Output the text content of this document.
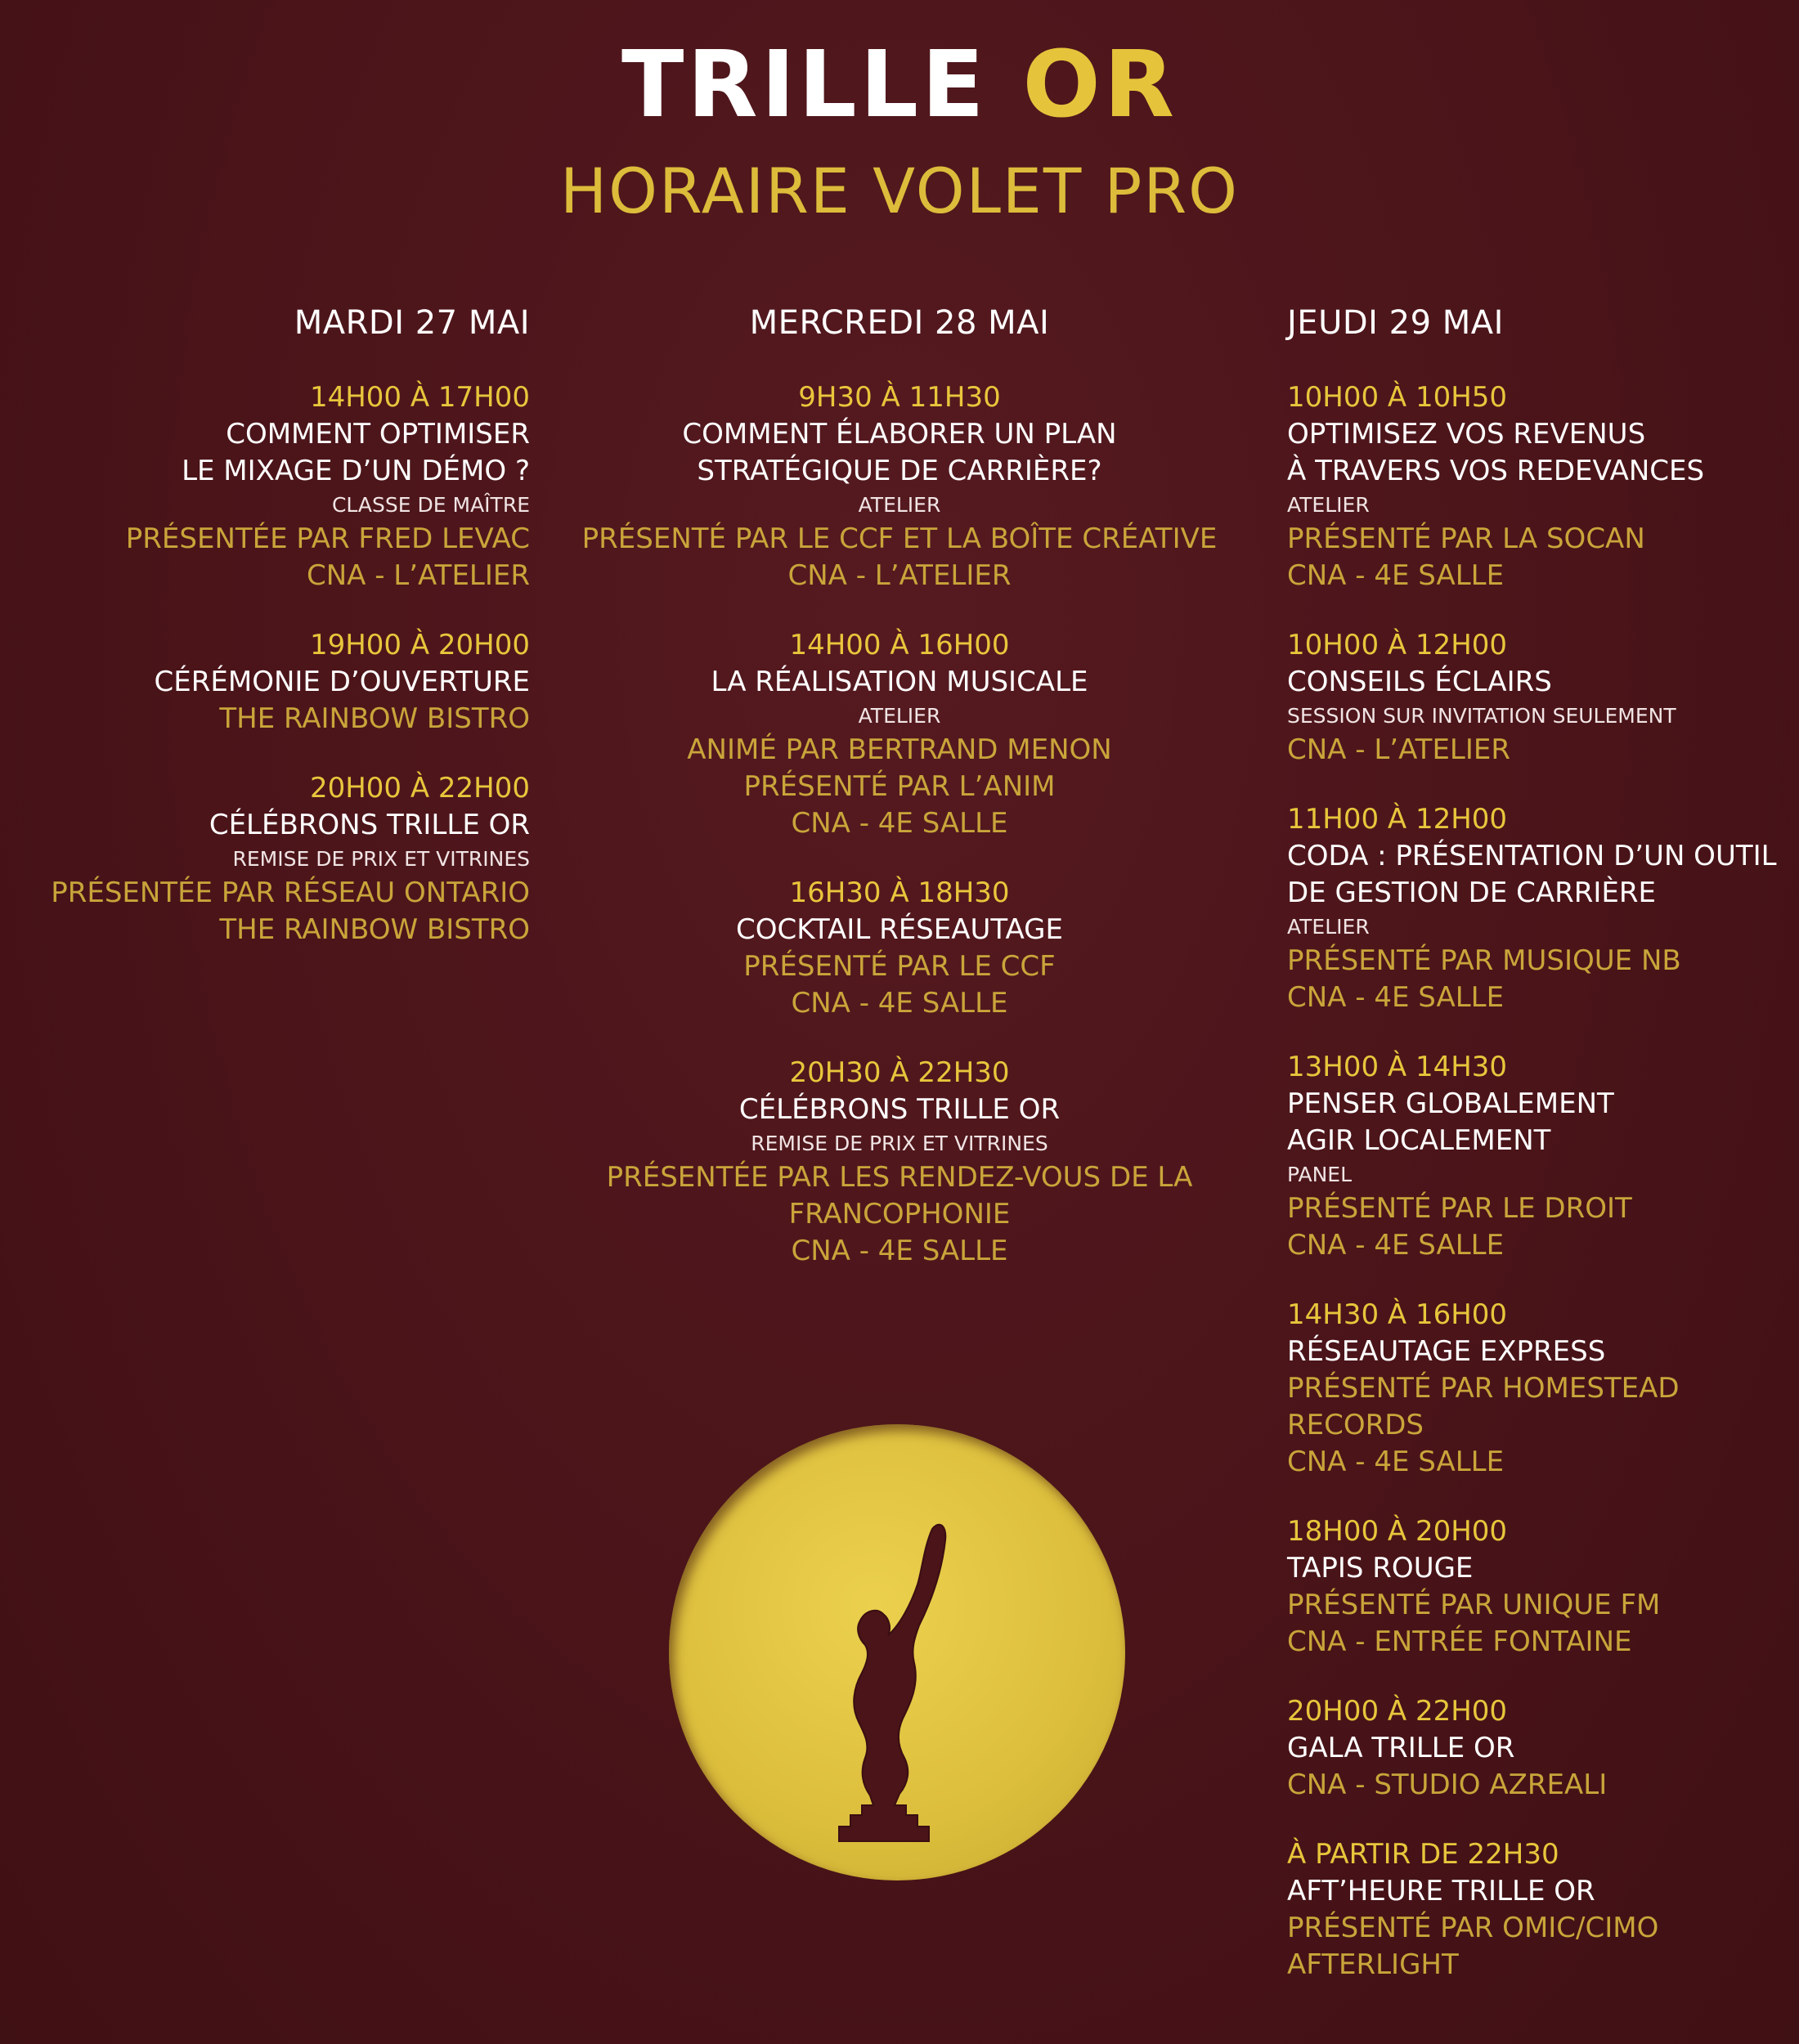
TRILLE OR
HORAIRE VOLET PRO
MARDI 27 MAI
14H00 À 17H00
COMMENT OPTIMISER
LE MIXAGE D’UN DÉMO ?
CLASSE DE MAÎTRE
PRÉSENTÉE PAR FRED LEVAC
CNA - L’ATELIER
19H00 À 20H00
CÉRÉMONIE D’OUVERTURE
THE RAINBOW BISTRO
20H00 À 22H00
CÉLÉBRONS TRILLE OR
REMISE DE PRIX ET VITRINES
PRÉSENTÉE PAR RÉSEAU ONTARIO
THE RAINBOW BISTRO
MERCREDI 28 MAI
9H30 À 11H30
COMMENT ÉLABORER UN PLAN
STRATÉGIQUE DE CARRIÈRE?
ATELIER
PRÉSENTÉ PAR LE CCF ET LA BOÎTE CRÉATIVE
CNA - L’ATELIER
14H00 À 16H00
LA RÉALISATION MUSICALE
ATELIER
ANIMÉ PAR BERTRAND MENON
PRÉSENTÉ PAR L’ANIM
CNA - 4E SALLE
16H30 À 18H30
COCKTAIL RÉSEAUTAGE
PRÉSENTÉ PAR LE CCF
CNA - 4E SALLE
20H30 À 22H30
CÉLÉBRONS TRILLE OR
REMISE DE PRIX ET VITRINES
PRÉSENTÉE PAR LES RENDEZ-VOUS DE LA FRANCOPHONIE
CNA - 4E SALLE
JEUDI 29 MAI
10H00 À 10H50
OPTIMISEZ VOS REVENUS
À TRAVERS VOS REDEVANCES
ATELIER
PRÉSENTÉ PAR LA SOCAN
CNA - 4E SALLE
10H00 À 12H00
CONSEILS ÉCLAIRS
SESSION SUR INVITATION SEULEMENT
CNA - L’ATELIER
11H00 À 12H00
CODA : PRÉSENTATION D’UN OUTIL
DE GESTION DE CARRIÈRE
ATELIER
PRÉSENTÉ PAR MUSIQUE NB
CNA - 4E SALLE
13H00 À 14H30
PENSER GLOBALEMENT
AGIR LOCALEMENT
PANEL
PRÉSENTÉ PAR LE DROIT
CNA - 4E SALLE
14H30 À 16H00
RÉSEAUTAGE EXPRESS
PRÉSENTÉ PAR HOMESTEAD RECORDS
CNA - 4E SALLE
18H00 À 20H00
TAPIS ROUGE
PRÉSENTÉ PAR UNIQUE FM
CNA - ENTRÉE FONTAINE
20H00 À 22H00
GALA TRILLE OR
CNA - STUDIO AZREALI
À PARTIR DE 22H30
AFT’HEURE TRILLE OR
PRÉSENTÉ PAR OMIC/CIMO
AFTERLIGHT
